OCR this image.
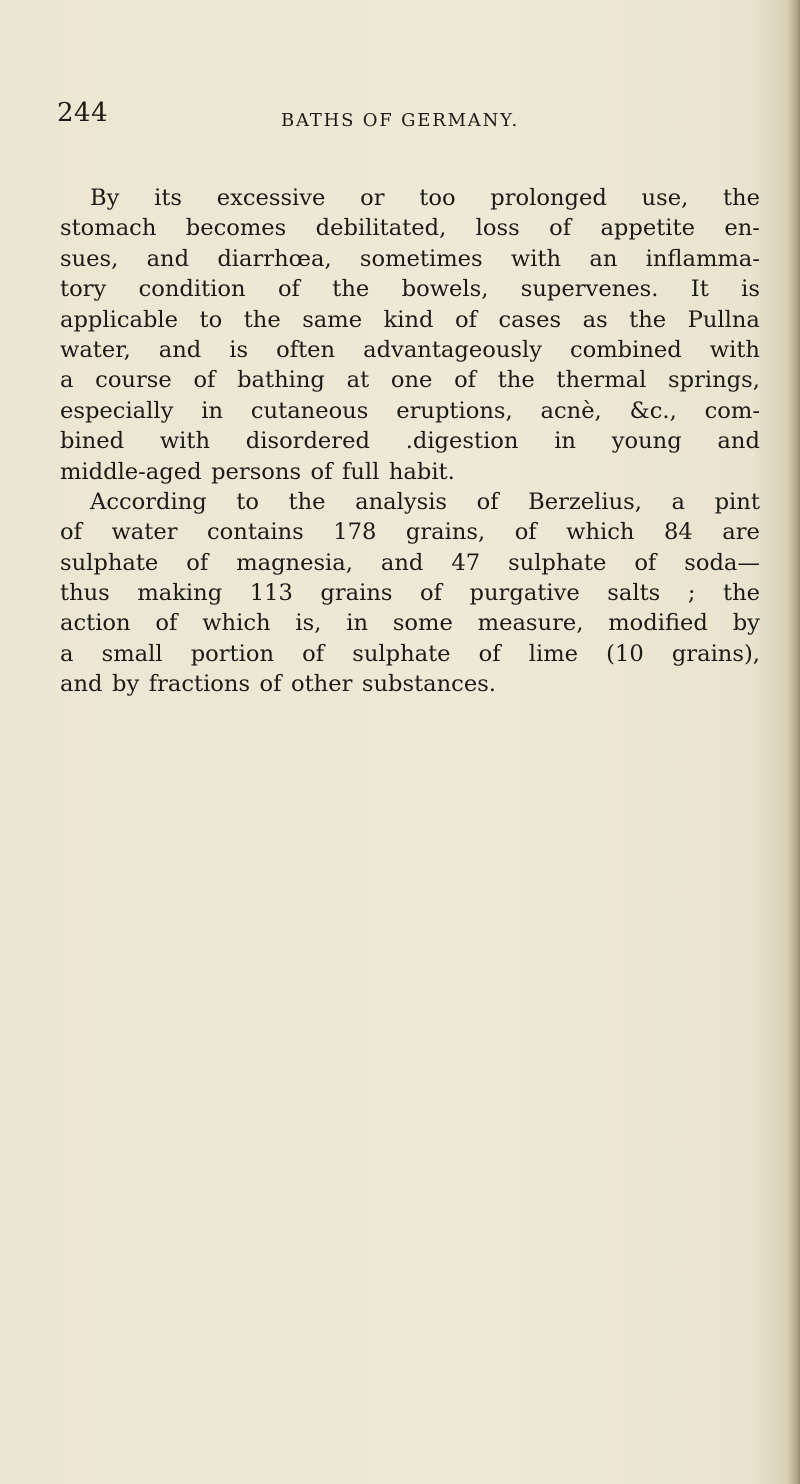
244	BATHS OF GERMANY.
By its excessive or too prolonged use, the
stomach becomes debilitated, loss of appetite en-
sues, and diarrhœa, sometimes with an inflamma-
tory condition of the bowels, supervenes. It is
applicable to the same kind of cases as the Pullna
water, and is often advantageously combined with
a course of bathing at one of the thermal springs,
especially in cutaneous eruptions, acnè, &c., com-
bined with disordered .digestion in young and
middle-aged persons of full habit.
According to the analysis of Berzelius, a pint
of water contains 178 grains, of which 84 are
sulphate of magnesia, and 47 sulphate of soda—
thus making 113 grains of purgative salts ; the
action of which is, in some measure, modified by
a small portion of sulphate of lime (10 grains),
and by fractions of other substances.
